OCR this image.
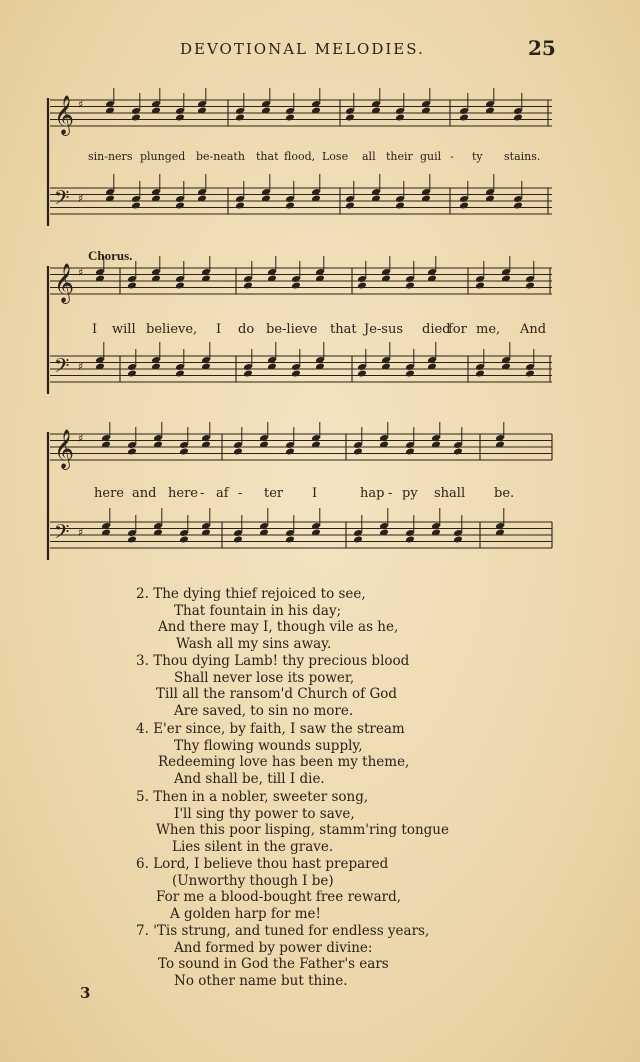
DEVOTIONAL MELODIES.	25
𝄞 ♯
𝄢 ♯
sin-ners plunged be-neath that flood, Lose all their guil - ty stains.
Chorus.
𝄞 ♯
𝄢 ♯
I will believe, I do be-lieve that Je-sus died
for me, And
𝄞 ♯
𝄢 ♯
here and here - af - ter I	hap - py shall be.
2. The dying thief rejoiced to see,
That fountain in his day;
And there may I, though vile as he,
Wash all my sins away.
3. Thou dying Lamb! thy precious blood
Shall never lose its power,
Till all the ransom'd Church of God
Are saved, to sin no more.
4. E'er since, by faith, I saw the stream
Thy flowing wounds supply,
Redeeming love has been my theme,
And shall be, till I die.
5. Then in a nobler, sweeter song,
I'll sing thy power to save,
When this poor lisping, stamm'ring tongue
Lies silent in the grave.
6. Lord, I believe thou hast prepared
(Unworthy though I be)
For me a blood-bought free reward,
A golden harp for me!
7. 'Tis strung, and tuned for endless years,
And formed by power divine:
To sound in God the Father's ears
No other name but thine.
3
